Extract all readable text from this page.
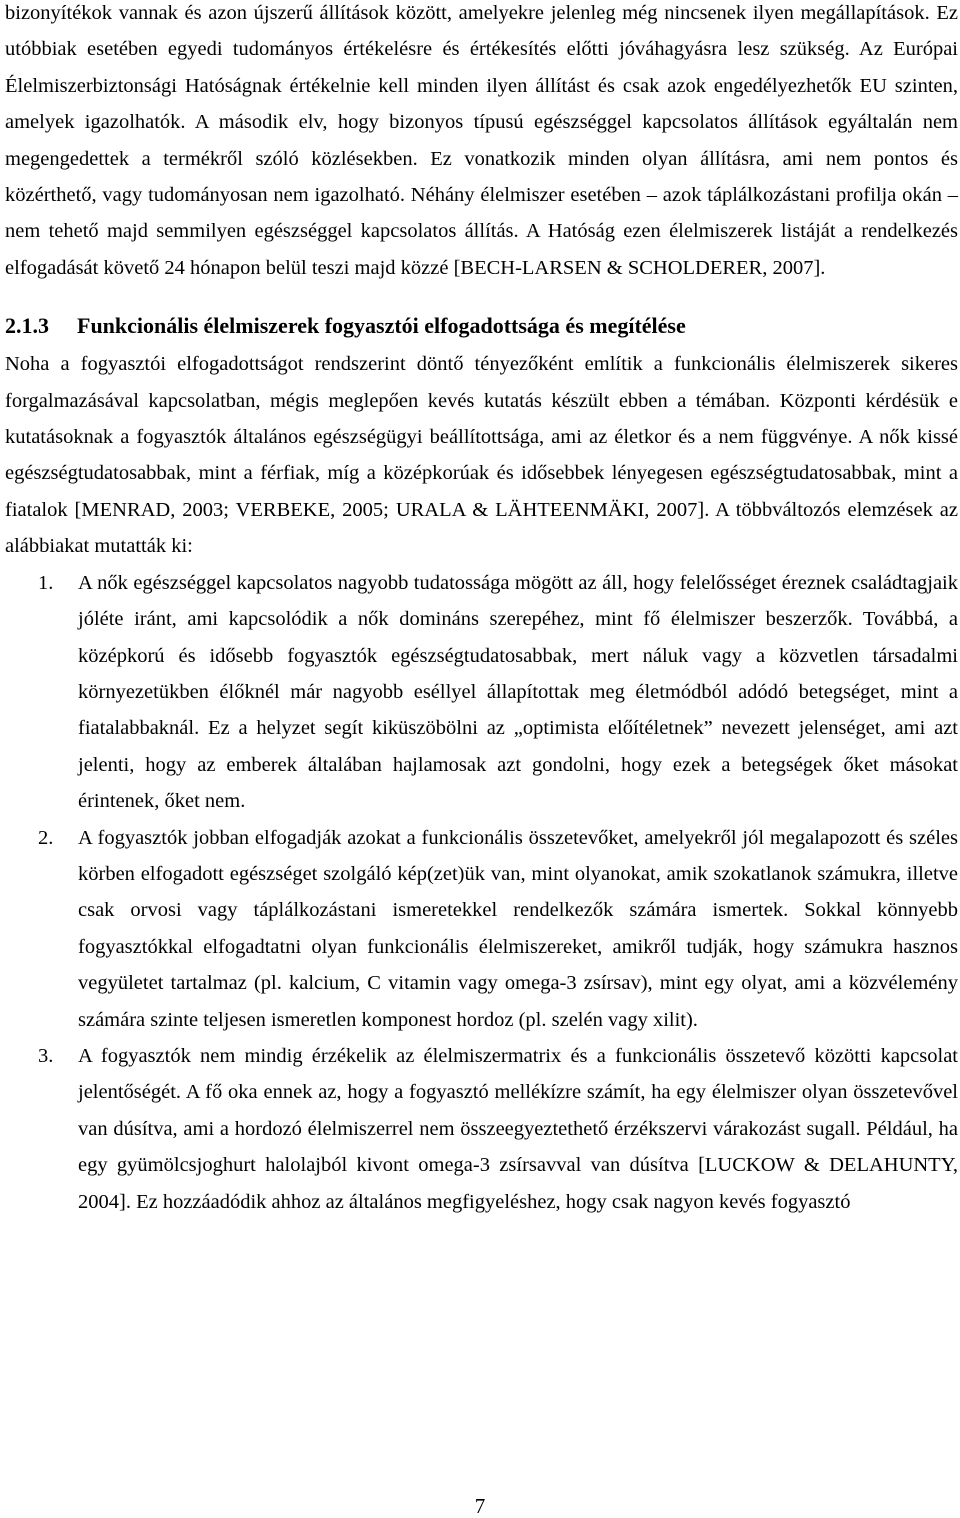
bizonyítékok vannak és azon újszerű állítások között, amelyekre jelenleg még nincsenek ilyen megállapítások. Ez utóbbiak esetében egyedi tudományos értékelésre és értékesítés előtti jóváhagyásra lesz szükség. Az Európai Élelmiszerbiztonsági Hatóságnak értékelnie kell minden ilyen állítást és csak azok engedélyezhetők EU szinten, amelyek igazolhatók. A második elv, hogy bizonyos típusú egészséggel kapcsolatos állítások egyáltalán nem megengedettek a termékről szóló közlésekben. Ez vonatkozik minden olyan állításra, ami nem pontos és közérthető, vagy tudományosan nem igazolható. Néhány élelmiszer esetében – azok táplálkozástani profilja okán – nem tehető majd semmilyen egészséggel kapcsolatos állítás. A Hatóság ezen élelmiszerek listáját a rendelkezés elfogadását követő 24 hónapon belül teszi majd közzé [BECH-LARSEN & SCHOLDERER, 2007].

2.1.3	Funkcionális élelmiszerek fogyasztói elfogadottsága és megítélése

Noha a fogyasztói elfogadottságot rendszerint döntő tényezőként említik a funkcionális élelmiszerek sikeres forgalmazásával kapcsolatban, mégis meglepően kevés kutatás készült ebben a témában. Központi kérdésük e kutatásoknak a fogyasztók általános egészségügyi beállítottsága, ami az életkor és a nem függvénye. A nők kissé egészségtudatosabbak, mint a férfiak, míg a középkorúak és idősebbek lényegesen egészségtudatosabbak, mint a fiatalok [MENRAD, 2003; VERBEKE, 2005; URALA & LÄHTEENMÄKI, 2007]. A többváltozós elemzések az alábbiakat mutatták ki:

1. A nők egészséggel kapcsolatos nagyobb tudatossága mögött az áll, hogy felelősséget éreznek családtagjaik jóléte iránt, ami kapcsolódik a nők domináns szerepéhez, mint fő élelmiszer beszerzők. Továbbá, a középkorú és idősebb fogyasztók egészségtudatosabbak, mert náluk vagy a közvetlen társadalmi környezetükben élőknél már nagyobb eséllyel állapítottak meg életmódból adódó betegséget, mint a fiatalabbaknál. Ez a helyzet segít kiküszöbölni az „optimista előítéletnek” nevezett jelenséget, ami azt jelenti, hogy az emberek általában hajlamosak azt gondolni, hogy ezek a betegségek őket másokat érintenek, őket nem.

2. A fogyasztók jobban elfogadják azokat a funkcionális összetevőket, amelyekről jól megalapozott és széles körben elfogadott egészséget szolgáló kép(zet)ük van, mint olyanokat, amik szokatlanok számukra, illetve csak orvosi vagy táplálkozástani ismeretekkel rendelkezők számára ismertek. Sokkal könnyebb fogyasztókkal elfogadtatni olyan funkcionális élelmiszereket, amikről tudják, hogy számukra hasznos vegyületet tartalmaz (pl. kalcium, C vitamin vagy omega-3 zsírsav), mint egy olyat, ami a közvélemény számára szinte teljesen ismeretlen komponest hordoz (pl. szelén vagy xilit).

3. A fogyasztók nem mindig érzékelik az élelmiszermatrix és a funkcionális összetevő közötti kapcsolat jelentőségét. A fő oka ennek az, hogy a fogyasztó mellékízre számít, ha egy élelmiszer olyan összetevővel van dúsítva, ami a hordozó élelmiszerrel nem összeegyeztethető érzékszervi várakozást sugall. Például, ha egy gyümölcsjoghurt halolajból kivont omega-3 zsírsavval van dúsítva [LUCKOW & DELAHUNTY, 2004]. Ez hozzáadódik ahhoz az általános megfigyeléshez, hogy csak nagyon kevés fogyasztó

7
